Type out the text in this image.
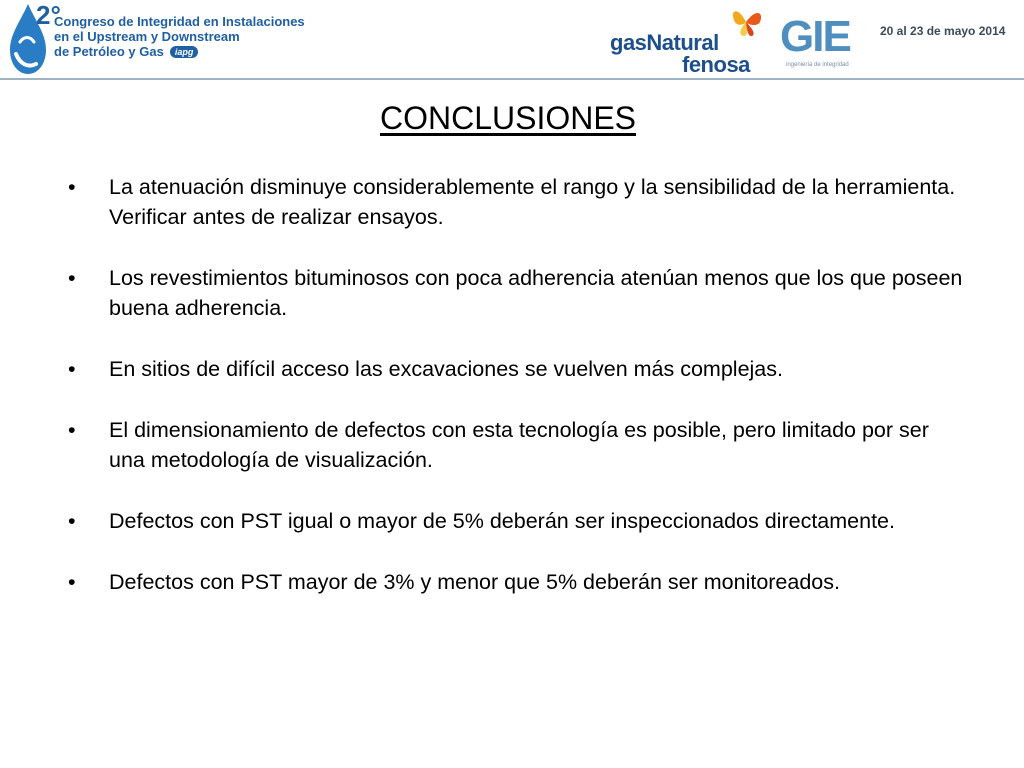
2°
Congreso de Integridad en Instalaciones
en el Upstream y Downstream
de Petróleo y Gas	iapg	gasNatural
fenosa
GIE
ingeniería de integridad
20 al 23 de mayo 2014
CONCLUSIONES
• La atenuación disminuye considerablemente el rango y la sensibilidad de la herramienta. Verificar antes de realizar ensayos.
• Los revestimientos bituminosos con poca adherencia atenúan menos que los que poseen buena adherencia.
• En sitios de difícil acceso las excavaciones se vuelven más complejas.
• El dimensionamiento de defectos con esta tecnología es posible, pero limitado por ser una metodología de visualización.
• Defectos con PST igual o mayor de 5% deberán ser inspeccionados directamente.
• Defectos con PST mayor de 3% y menor que 5% deberán ser monitoreados.
